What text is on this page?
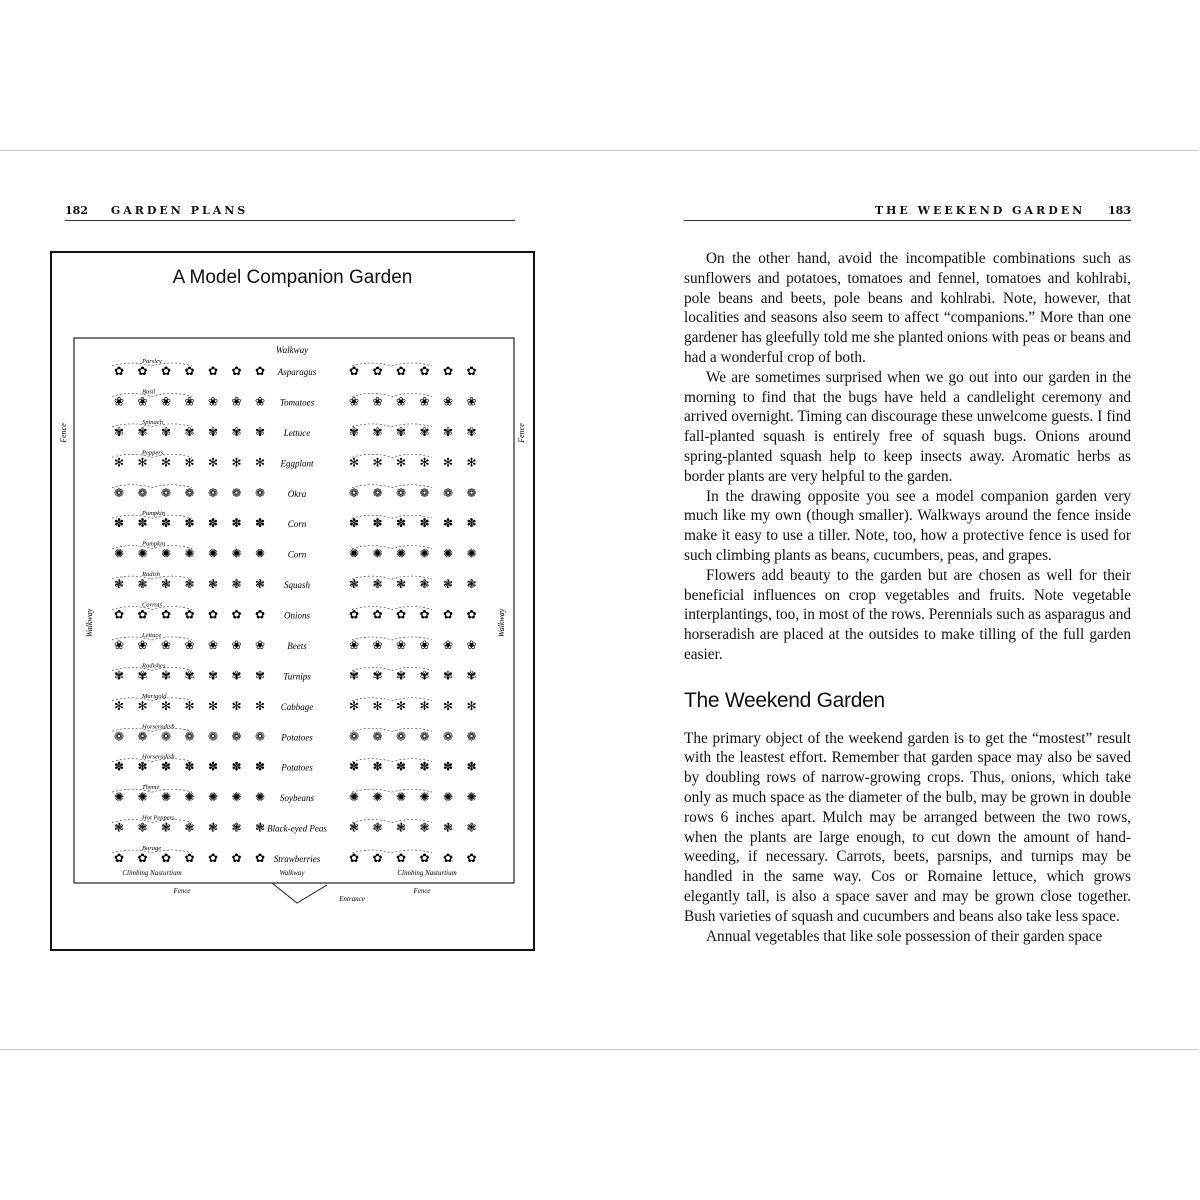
182 GARDEN PLANS
A Model Companion Garden
Walkway
Parsley
✿ ✿ ✿ ✿ ✿ ✿ ✿	✿ ✿ ✿ ✿ ✿ ✿
Asparagus
Basil
❀ ❀ ❀ ❀ ❀ ❀ ❀	❀ ❀ ❀ ❀ ❀ ❀
Tomatoes
Spinach
✾ ✾ ✾ ✾ ✾ ✾ ✾	✾ ✾ ✾ ✾ ✾ ✾
Lettuce
Peppers
✻ ✻ ✻ ✻ ✻ ✻ ✻	✻ ✻ ✻ ✻ ✻ ✻
Eggplant
❁ ❁ ❁ ❁ ❁ ❁ ❁	❁ ❁ ❁ ❁ ❁ ❁
Okra
Pumpkin
✽ ✽ ✽ ✽ ✽ ✽ ✽	✽ ✽ ✽ ✽ ✽ ✽
Corn
Pumpkin
✺ ✺ ✺ ✺ ✺ ✺ ✺	✺ ✺ ✺ ✺ ✺ ✺
Corn
Radish
❃ ❃ ❃ ❃ ❃ ❃ ❃	❃ ❃ ❃ ❃ ❃ ❃
Squash
Carrots
✿ ✿ ✿ ✿ ✿ ✿ ✿	✿ ✿ ✿ ✿ ✿ ✿
Onions
Lettuce
❀ ❀ ❀ ❀ ❀ ❀ ❀	❀ ❀ ❀ ❀ ❀ ❀
Beets
Radishes
✾ ✾ ✾ ✾ ✾ ✾ ✾	✾ ✾ ✾ ✾ ✾ ✾
Turnips
Marigold
✻ ✻ ✻ ✻ ✻ ✻ ✻	✻ ✻ ✻ ✻ ✻ ✻
Cabbage
Horseradish
❁ ❁ ❁ ❁ ❁ ❁ ❁	❁ ❁ ❁ ❁ ❁ ❁
Potatoes
Horseradish
✽ ✽ ✽ ✽ ✽ ✽ ✽	✽ ✽ ✽ ✽ ✽ ✽
Potatoes
Thyme
✺ ✺ ✺ ✺ ✺ ✺ ✺	✺ ✺ ✺ ✺ ✺ ✺
Soybeans
Hot Peppers
❃ ❃ ❃ ❃ ❃ ❃ ❃	❃ ❃ ❃ ❃ ❃ ❃
Black-eyed Peas
Borage
✿ ✿ ✿ ✿ ✿ ✿ ✿	✿ ✿ ✿ ✿ ✿ ✿
Strawberries
Walkway	Walkway
Fence	Fence
Climbing Nasturtium	Walkway	Climbing Nasturtium
Fence	Fence
Entrance
THE WEEKEND GARDEN 183

On the other hand, avoid the incompatible combinations such as sunflowers and potatoes, tomatoes and fennel, tomatoes and kohlrabi, pole beans and beets, pole beans and kohlrabi. Note, however, that localities and seasons also seem to affect “companions.” More than one gardener has gleefully told me she planted onions with peas or beans and had a wonderful crop of both.

We are sometimes surprised when we go out into our garden in the morning to find that the bugs have held a candlelight ceremony and arrived overnight. Timing can discourage these unwelcome guests. I find fall-planted squash is entirely free of squash bugs. Onions around spring-planted squash help to keep insects away. Aromatic herbs as border plants are very helpful to the garden.

In the drawing opposite you see a model companion garden very much like my own (though smaller). Walkways around the fence inside make it easy to use a tiller. Note, too, how a protective fence is used for such climbing plants as beans, cucumbers, peas, and grapes.

Flowers add beauty to the garden but are chosen as well for their beneficial influences on crop vegetables and fruits. Note vegetable interplantings, too, in most of the rows. Perennials such as asparagus and horseradish are placed at the outsides to make tilling of the full garden easier.

The Weekend Garden

The primary object of the weekend garden is to get the “mostest” result with the leastest effort. Remember that garden space may also be saved by doubling rows of narrow-growing crops. Thus, onions, which take only as much space as the diameter of the bulb, may be grown in double rows 6 inches apart. Mulch may be arranged between the two rows, when the plants are large enough, to cut down the amount of hand-weeding, if necessary. Carrots, beets, parsnips, and turnips may be handled in the same way. Cos or Romaine lettuce, which grows elegantly tall, is also a space saver and may be grown close together. Bush varieties of squash and cucumbers and beans also take less space.

Annual vegetables that like sole possession of their garden space
